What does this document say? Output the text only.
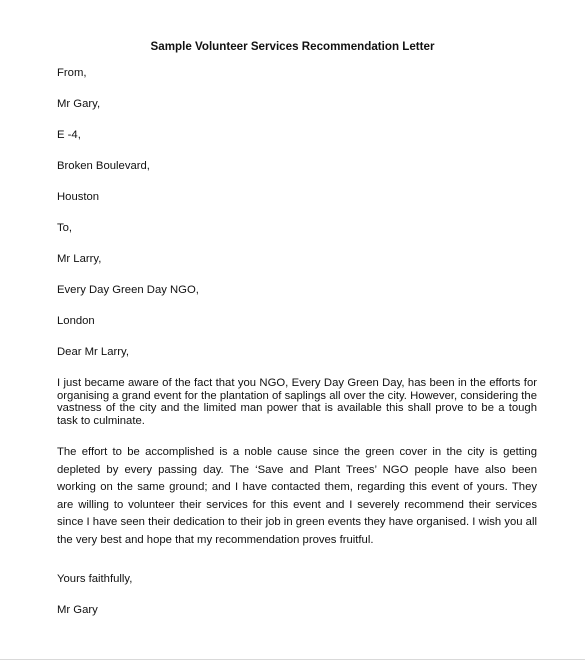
Sample Volunteer Services Recommendation Letter
From,
Mr Gary,
E -4,
Broken Boulevard,
Houston
To,
Mr Larry,
Every Day Green Day NGO,
London
Dear Mr Larry,
I just became aware of the fact that you NGO, Every Day Green Day, has been in the efforts for organising a grand event for the plantation of saplings all over the city. However, considering the vastness of the city and the limited man power that is available this shall prove to be a tough task to culminate.
The effort to be accomplished is a noble cause since the green cover in the city is getting depleted by every passing day. The ‘Save and Plant Trees’ NGO people have also been working on the same ground; and I have contacted them, regarding this event of yours. They are willing to volunteer their services for this event and I severely recommend their services since I have seen their dedication to their job in green events they have organised. I wish you all the very best and hope that my recommendation proves fruitful.
Yours faithfully,
Mr Gary
